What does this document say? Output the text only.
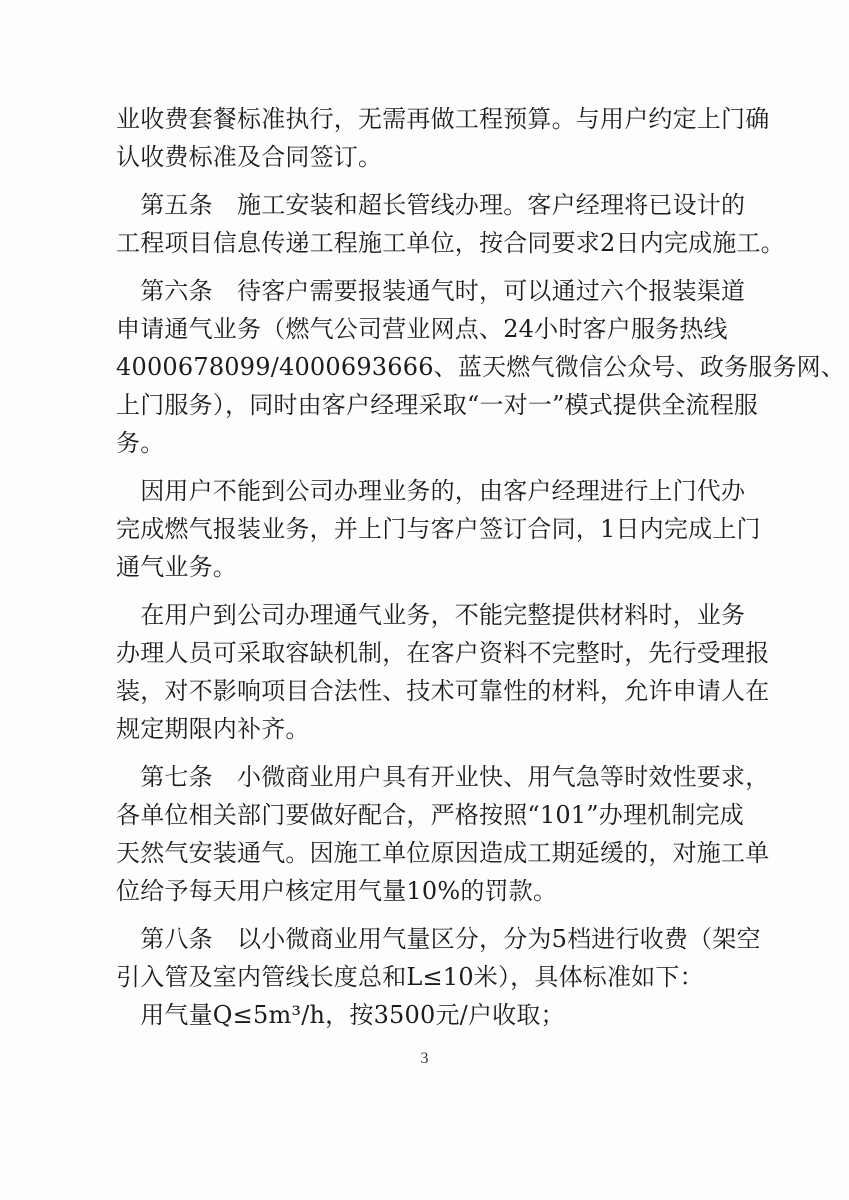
业收费套餐标准执行，无需再做工程预算。与用户约定上门确
认收费标准及合同签订。
　第五条　施工安装和超长管线办理。客户经理将已设计的
工程项目信息传递工程施工单位，按合同要求2日内完成施工。
　第六条　待客户需要报装通气时，可以通过六个报装渠道
申请通气业务（燃气公司营业网点、24小时客户服务热线
4000678099/4000693666、蓝天燃气微信公众号、政务服务网、
上门服务），同时由客户经理采取“一对一”模式提供全流程服
务。
　因用户不能到公司办理业务的，由客户经理进行上门代办
完成燃气报装业务，并上门与客户签订合同，1日内完成上门
通气业务。
　在用户到公司办理通气业务，不能完整提供材料时，业务
办理人员可采取容缺机制，在客户资料不完整时，先行受理报
装，对不影响项目合法性、技术可靠性的材料，允许申请人在
规定期限内补齐。
　第七条　小微商业用户具有开业快、用气急等时效性要求，
各单位相关部门要做好配合，严格按照“101”办理机制完成
天然气安装通气。因施工单位原因造成工期延缓的，对施工单
位给予每天用户核定用气量10%的罚款。
　第八条　以小微商业用气量区分，分为5档进行收费（架空
引入管及室内管线长度总和L≤10米），具体标准如下：
　用气量Q≤5m³/h，按3500元/户收取；
3
